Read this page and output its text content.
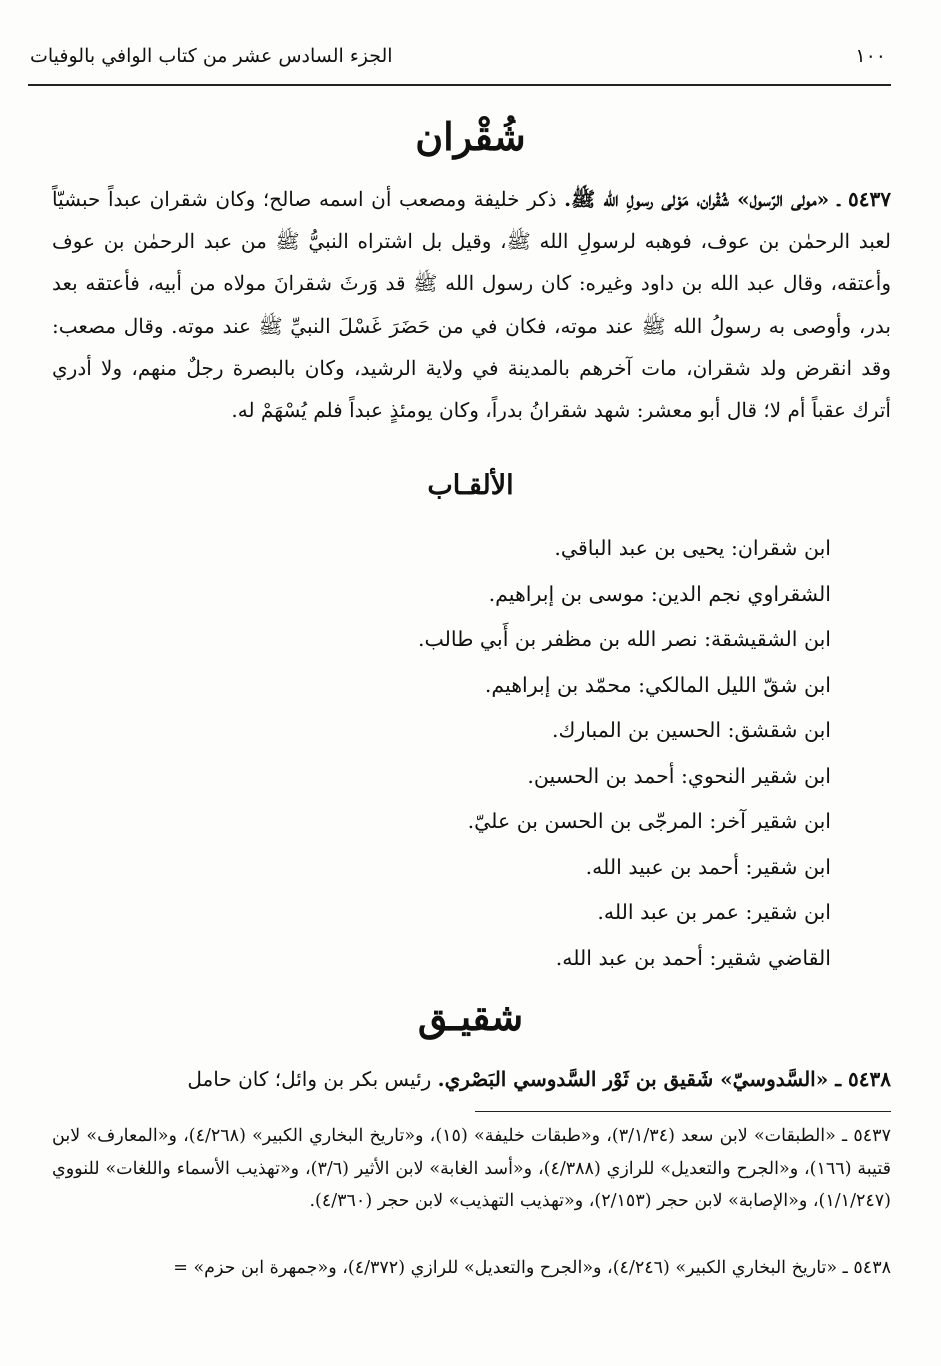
١٠٠
الجزء السادس عشر من كتاب الوافي بالوفيات
شُقْران
٥٤٣٧ ـ «مولى الرّسول» شُقْران، مَوْلى رسولِ الله ﷺ. ذكر خليفة ومصعب أن اسمه صالح؛ وكان شقران عبداً حبشيّاً لعبد الرحمٰن بن عوف، فوهبه لرسولِ الله ﷺ، وقيل بل اشتراه النبيُّ ﷺ من عبد الرحمٰن بن عوف وأعتقه، وقال عبد الله بن داود وغيره: كان رسول الله ﷺ قد وَرثَ شقرانَ مولاه من أبيه، فأعتقه بعد بدر، وأوصى به رسولُ الله ﷺ عند موته، فكان في من حَضَرَ غَسْلَ النبيِّ ﷺ عند موته. وقال مصعب: وقد انقرض ولد شقران، مات آخرهم بالمدينة في ولاية الرشيد، وكان بالبصرة رجلٌ منهم، ولا أدري أترك عقباً أم لا؛ قال أبو معشر: شهد شقرانُ بدراً، وكان يومئذٍ عبداً فلم يُسْهَمْ له.
الألقـاب
ابن شقران: يحيى بن عبد الباقي.
الشقراوي نجم الدين: موسى بن إبراهيم.
ابن الشقيشقة: نصر الله بن مظفر بن أَبي طالب.
ابن شقّ الليل المالكي: محمّد بن إبراهيم.
ابن شقشق: الحسين بن المبارك.
ابن شقير النحوي: أحمد بن الحسين.
ابن شقير آخر: المرجّى بن الحسن بن عليّ.
ابن شقير: أحمد بن عبيد الله.
ابن شقير: عمر بن عبد الله.
القاضي شقير: أحمد بن عبد الله.
شقيـق
٥٤٣٨ ـ «السَّدوسيّ» شَقيق بن ثَوْر السَّدوسي البَصْري. رئيس بكر بن وائل؛ كان حامل
٥٤٣٧ ـ «الطبقات» لابن سعد (٣/١/٣٤)، و«طبقات خليفة» (١٥)، و«تاريخ البخاري الكبير» (٤/٢٦٨)، و«المعارف» لابن قتيبة (١٦٦)، و«الجرح والتعديل» للرازي (٤/٣٨٨)، و«أسد الغابة» لابن الأثير (٣/٦)، و«تهذيب الأسماء واللغات» للنووي (١/١/٢٤٧)، و«الإصابة» لابن حجر (٢/١٥٣)، و«تهذيب التهذيب» لابن حجر (٤/٣٦٠).
٥٤٣٨ ـ «تاريخ البخاري الكبير» (٤/٢٤٦)، و«الجرح والتعديل» للرازي (٤/٣٧٢)، و«جمهرة ابن حزم» =
